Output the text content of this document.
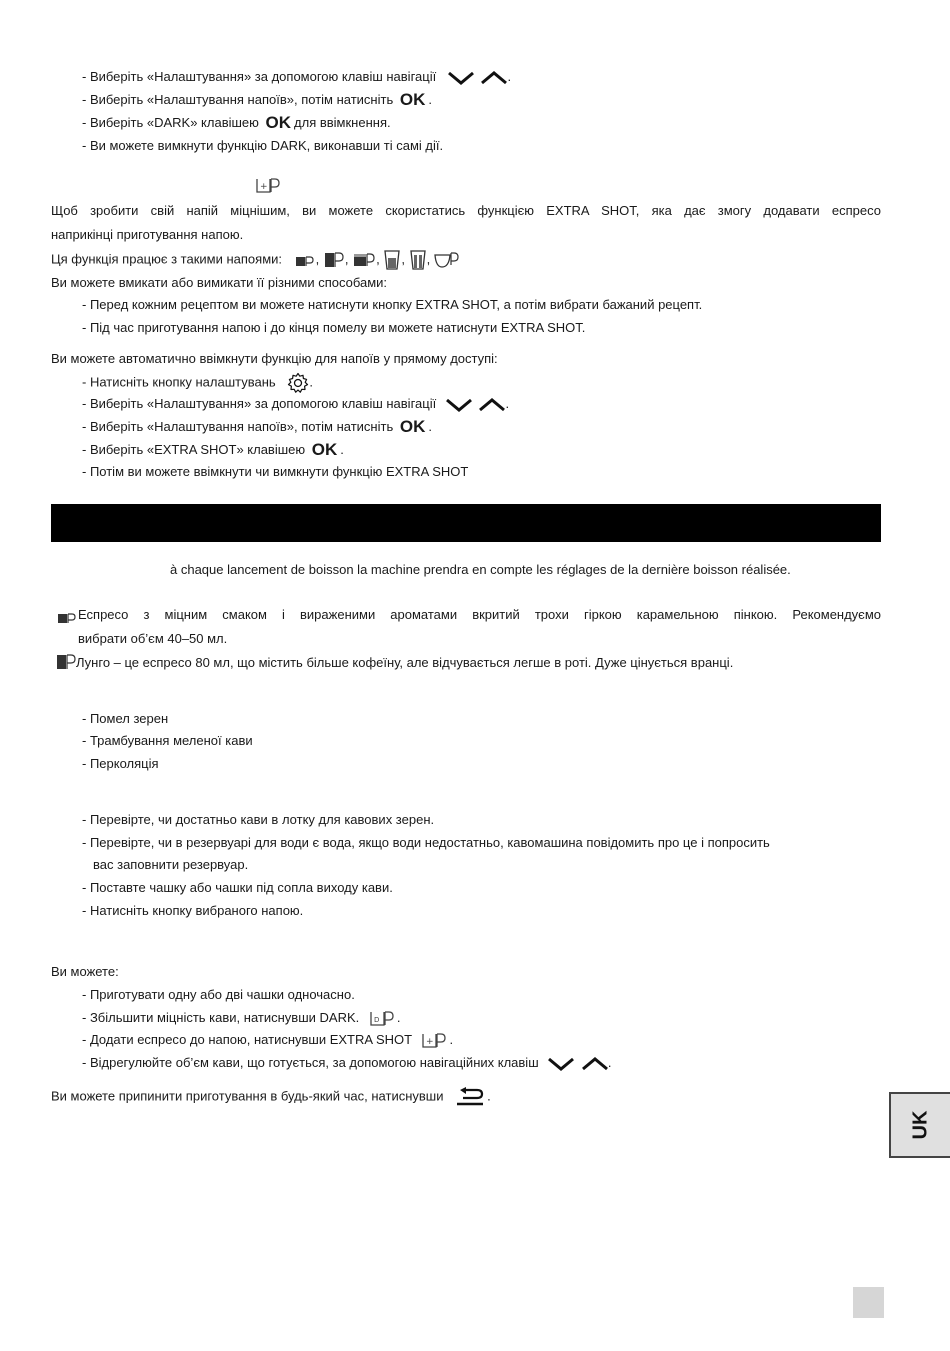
- Виберіть «Налаштування» за допомогою клавіш навігації	.
- Виберіть «Налаштування напоїв», потім натисніть OK .
- Виберіть «DARK» клавішею OK для ввімкнення.
- Ви можете вимкнути функцію DARK, виконавши ті самі дії.
+
Щоб зробити свій напій міцнішим, ви можете скористатись функцією EXTRA SHOT, яка дає змогу додавати еспресо
наприкінці приготування напою.
Ця функція працює з такими напоями:	, , , , ,
Ви можете вмикати або вимикати її різними способами:
- Перед кожним рецептом ви можете натиснути кнопку EXTRA SHOT, а потім вибрати бажаний рецепт.
- Під час приготування напою і до кінця помелу ви можете натиснути EXTRA SHOT.
Ви можете автоматично ввімкнути функцію для напоїв у прямому доступі:
- Натисніть кнопку налаштувань	.
- Виберіть «Налаштування» за допомогою клавіш навігації	.
- Виберіть «Налаштування напоїв», потім натисніть OK .
- Виберіть «EXTRA SHOT» клавішею OK .
- Потім ви можете ввімкнути чи вимкнути функцію EXTRA SHOT
à chaque lancement de boisson la machine prendra en compte les réglages de la dernière boisson réalisée.
Еспресо з міцним смаком і вираженими ароматами вкритий трохи гіркою карамельною пінкою. Рекомендуємо
вибрати об’єм 40–50 мл.
Лунго – це еспресо 80 мл, що містить більше кофеїну, але відчувається легше в роті. Дуже цінується вранці.
- Помел зерен
- Трамбування меленої кави
- Перколяція
- Перевірте, чи достатньо кави в лотку для кавових зерен.
- Перевірте, чи в резервуарі для води є вода, якщо води недостатньо, кавомашина повідомить про це і попросить
вас заповнити резервуар.
- Поставте чашку або чашки під сопла виходу кави.
- Натисніть кнопку вибраного напою.
Ви можете:
- Приготувати одну або дві чашки одночасно.
- Збільшити міцність кави, натиснувши DARK. D .
- Додати еспресо до напою, натиснувши EXTRA SHOT + .
- Відрегулюйте об’єм кави, що готується, за допомогою навігаційних клавіш	.
Ви можете припинити приготування в будь-який час, натиснувши	.
UK
